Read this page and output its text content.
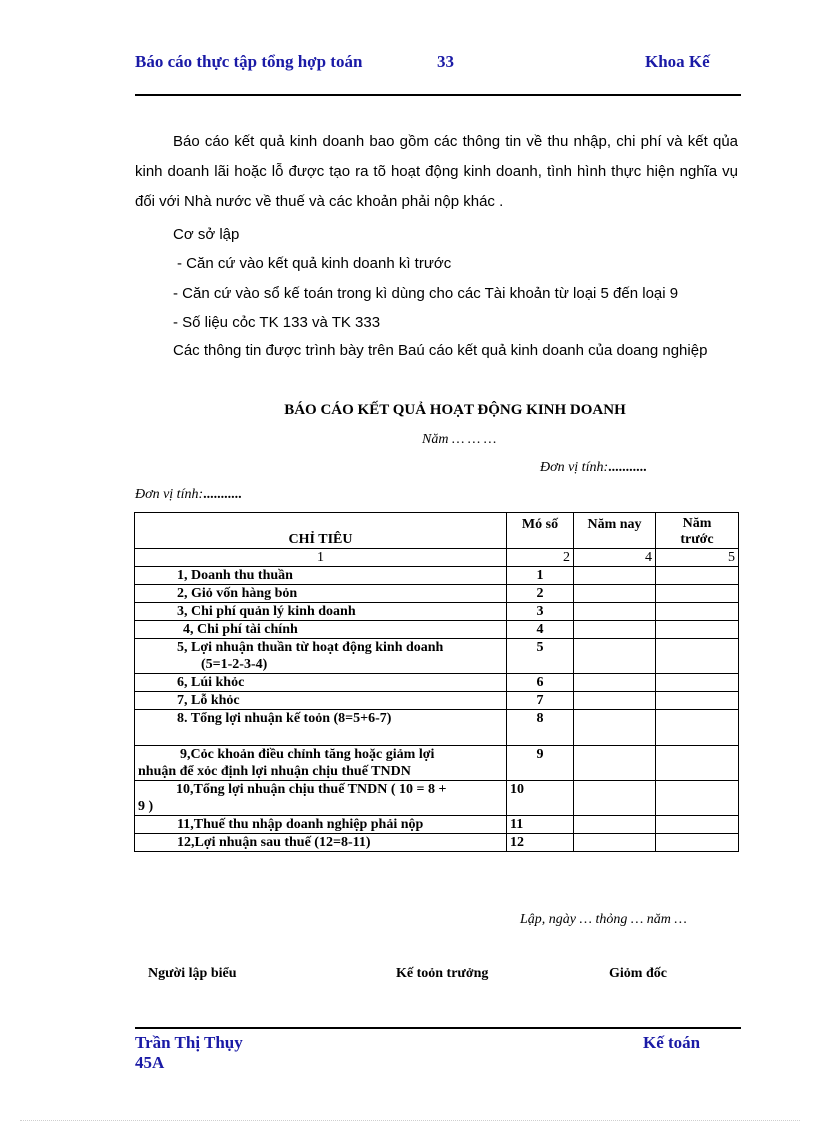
Báo cáo thực tập tổng hợp toán	33	Khoa Kế
Báo cáo kết quả kinh doanh bao gồm các thông tin về thu nhập, chi phí và kết qủa kinh doanh lãi hoặc lỗ được tạo ra tõ hoạt động kinh doanh, tình hình thực hiện nghĩa vụ đối với Nhà nước về thuế và các khoản phải nộp khác .
Cơ sở lập
- Căn cứ vào kết quả kinh doanh kì trước
- Căn cứ vào sổ kế toán trong kì dùng cho các Tài khoản từ loại 5 đến loại 9
- Số liệu cỏc TK 133 và TK 333
Các thông tin được trình bày trên Baú cáo kết quả kinh doanh của doang nghiệp
BÁO CÁO KẾT QUẢ HOẠT ĐỘNG KINH DOANH
Năm … … …
Đơn vị tính:...........
Đơn vị tính:...........
CHỈ TIÊU	Mó số	Năm nay	Năm
trước
1	2	4	5
1, Doanh thu thuần	1		
2, Giỏ vốn hàng bỏn	2		
3, Chi phí quản lý kinh doanh	3		
4, Chi phí tài chính	4		
5, Lợi nhuận thuần từ hoạt động kinh doanh
(5=1-2-3-4)	5		
6, Lúi khỏc	6		
7, Lỗ khỏc	7		
8. Tổng lợi nhuận kế toỏn (8=5+6-7)	8		
9,Cỏc khoản điều chỉnh tăng hoặc giảm lợi
nhuận để xỏc định lợi nhuận chịu thuế TNDN	9		
10,Tổng lợi nhuận chịu thuế TNDN ( 10 = 8 +
9 )	10		
11,Thuế thu nhập doanh nghiệp phải nộp	11		
12,Lợi nhuận sau thuế (12=8-11)	12		
Lập, ngày … thỏng … năm …
Người lập biểu	Kế toỏn trưởng	Giỏm đốc
Trần Thị Thụy
45A
Kế toán
